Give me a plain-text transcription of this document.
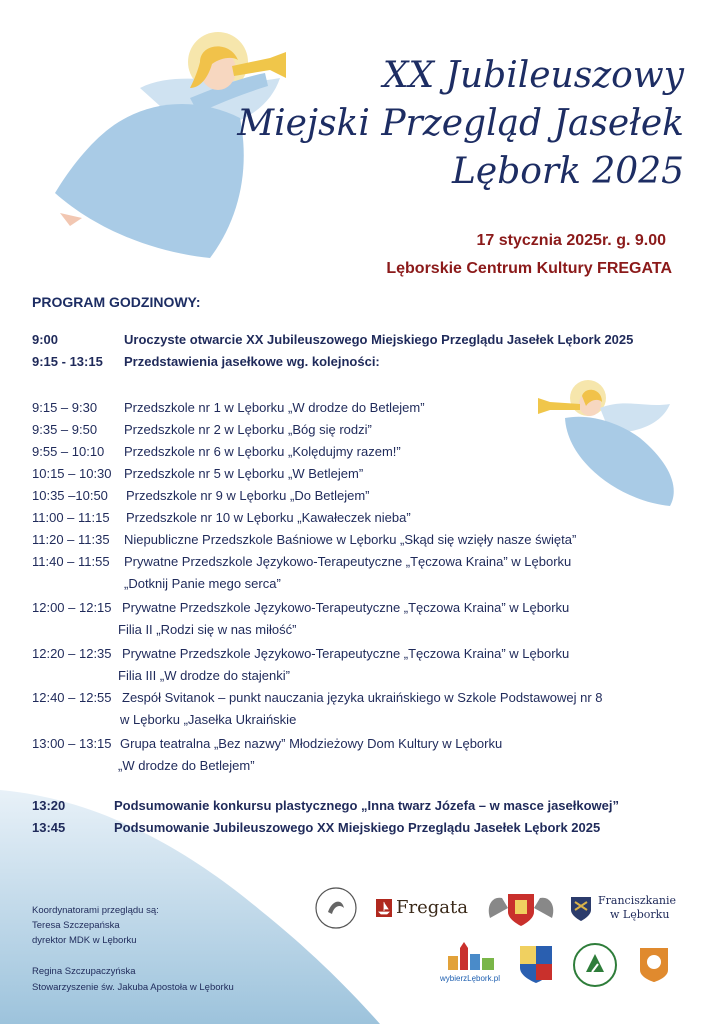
XX Jubileuszowy
Miejski Przegląd Jasełek
Lębork 2025
17 stycznia 2025r. g. 9.00
Lęborskie Centrum Kultury FREGATA
PROGRAM GODZINOWY:
9:00	Uroczyste otwarcie XX Jubileuszowego Miejskiego Przeglądu Jasełek Lębork 2025
9:15 - 13:15 Przedstawienia jasełkowe wg. kolejności:
9:15 – 9:30 Przedszkole nr 1 w Lęborku „W drodze do Betlejem”
9:35 – 9:50 Przedszkole nr 2 w Lęborku „Bóg się rodzi”
9:55 – 10:10 Przedszkole nr 6 w Lęborku „Kolędujmy razem!”
10:15 – 10:30 Przedszkole nr 5 w Lęborku „W Betlejem”
10:35 –10:50 Przedszkole nr 9 w Lęborku „Do Betlejem”
11:00 – 11:15 Przedszkole nr 10 w Lęborku „Kawałeczek nieba”
11:20 – 11:35 Niepubliczne Przedszkole Baśniowe w Lęborku „Skąd się wzięły nasze święta”
11:40 – 11:55 Prywatne Przedszkole Językowo-Terapeutyczne „Tęczowa Kraina” w Lęborku
„Dotknij Panie mego serca”
12:00 – 12:15 Prywatne Przedszkole Językowo-Terapeutyczne „Tęczowa Kraina” w Lęborku
Filia II „Rodzi się w nas miłość”
12:20 – 12:35 Prywatne Przedszkole Językowo-Terapeutyczne „Tęczowa Kraina” w Lęborku
Filia III „W drodze do stajenki”
12:40 – 12:55 Zespół Svitanok – punkt nauczania języka ukraińskiego w Szkole Podstawowej nr 8
w Lęborku „Jasełka Ukraińskie
13:00 – 13:15 Grupa teatralna „Bez nazwy” Młodzieżowy Dom Kultury w Lęborku
„W drodze do Betlejem”
13:20	Podsumowanie konkursu plastycznego „Inna twarz Józefa – w masce jasełkowej”
13:45	Podsumowanie Jubileuszowego XX Miejskiego Przeglądu Jasełek Lębork 2025
Koordynatorami przeglądu są:
Teresa Szczepańska
dyrektor MDK w Lęborku
Regina Szczupaczyńska
Stowarzyszenie św. Jakuba Apostoła w Lęborku
Fregata	Franciszkanie
w Lęborku
wybierzLębork.pl
